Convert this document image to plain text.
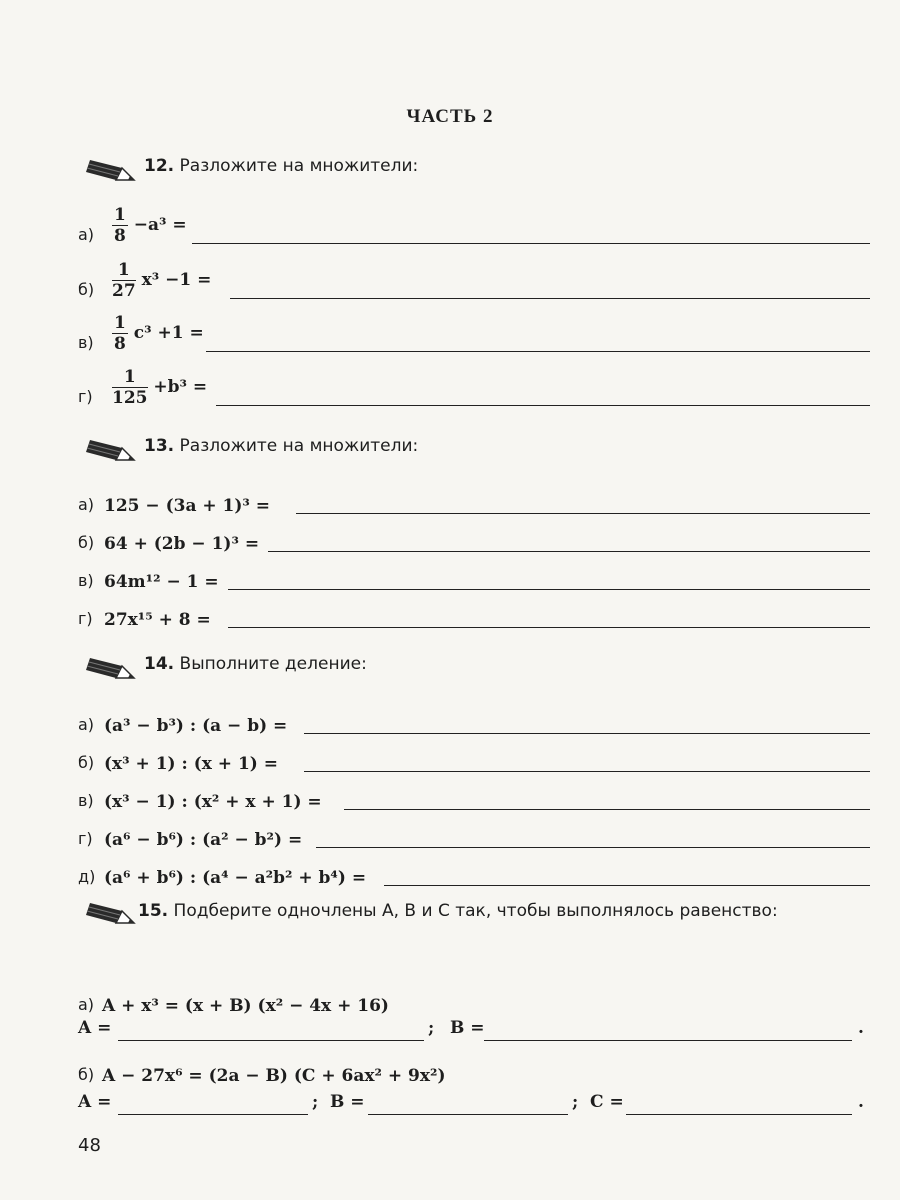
ЧАСТЬ 2
12. Разложите на множители:
$а) \frac{1}{8} -a^3$ =
$б) \frac{1}{27} x^3 -1$ =
$в) \frac{1}{8} c^3 +1$ =
$г) \frac{1}{125} +b^3$ =
13. Разложите на множители:
а) 125 − (3a + 1)³ =
б) 64 + (2b − 1)³ =
в) 64m¹² − 1 =
г) 27x¹⁵ + 8 =
14. Выполните деление:
а) (a³ − b³) : (a − b) =
б) (x³ + 1) : (x + 1) =
в) (x³ − 1) : (x² + x + 1) =
г) (a⁶ − b⁶) : (a² − b²) =
д) (a⁶ + b⁶) : (a⁴ − a²b² + b⁴) =
15. Подберите одночлены A, B и C так, чтобы выполнялось равенство:
а) A + x³ = (x + B) (x² − 4x + 16)
A =	; B =	.
б) A − 27x⁶ = (2a − B) (C + 6ax² + 9x²)
A =	; B =	; C =	.
48
